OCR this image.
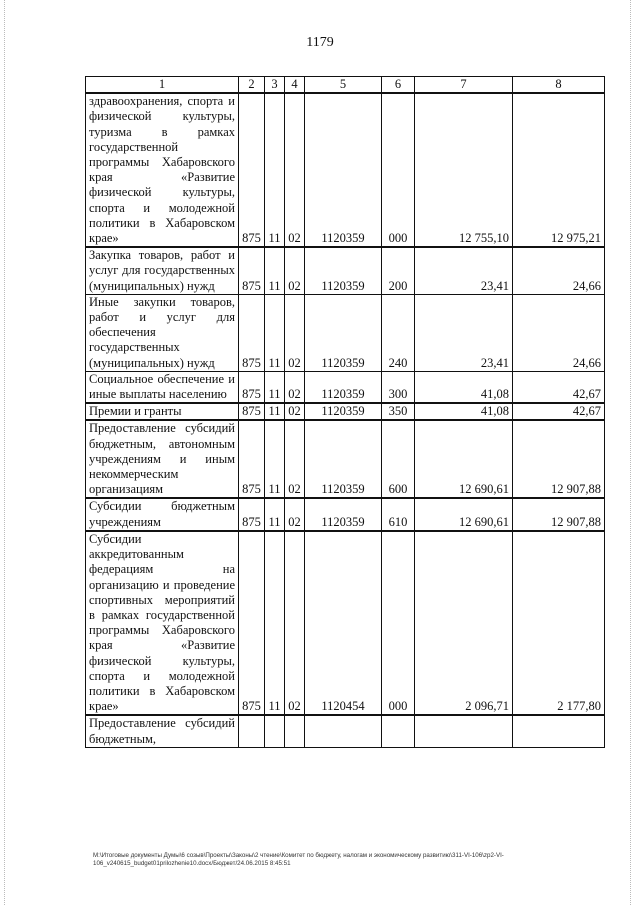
1179
1	2	3	4	5	6	7	8
здравоохранения, спорта и физической культуры, туризма в рамках государственной программы Хабаровского края «Развитие физической культуры, спорта и молодежной политики в Хабаровском крае»	875	11	02	1120359	000	12 755,10	12 975,21
Закупка товаров, работ и услуг для государственных (муниципальных) нужд	875	11	02	1120359	200	23,41	24,66
Иные закупки товаров, работ и услуг для обеспечения государственных (муниципальных) нужд	875	11	02	1120359	240	23,41	24,66
Социальное обеспечение и иные выплаты населению	875	11	02	1120359	300	41,08	42,67
Премии и гранты	875	11	02	1120359	350	41,08	42,67
Предоставление субсидий бюджетным, автономным учреждениям и иным некоммерческим организациям	875	11	02	1120359	600	12 690,61	12 907,88
Субсидии бюджетным учреждениям	875	11	02	1120359	610	12 690,61	12 907,88
Субсидии аккредитованным федерациям на организацию и проведение спортивных мероприятий в рамках государственной программы Хабаровского края «Развитие физической культуры, спорта и молодежной политики в Хабаровском крае»	875	11	02	1120454	000	2 096,71	2 177,80
Предоставление субсидий бюджетным,							
M:\Итоговые документы Думы\6 созыв\Проекты\Законы\2 чтение\Комитет по бюджету, налогам и экономическому развитию\311-VI-106\zp2-VI-106_v240615_budget01prilozhenie10.docx/Бюджет/24.06.2015 8:45:51
